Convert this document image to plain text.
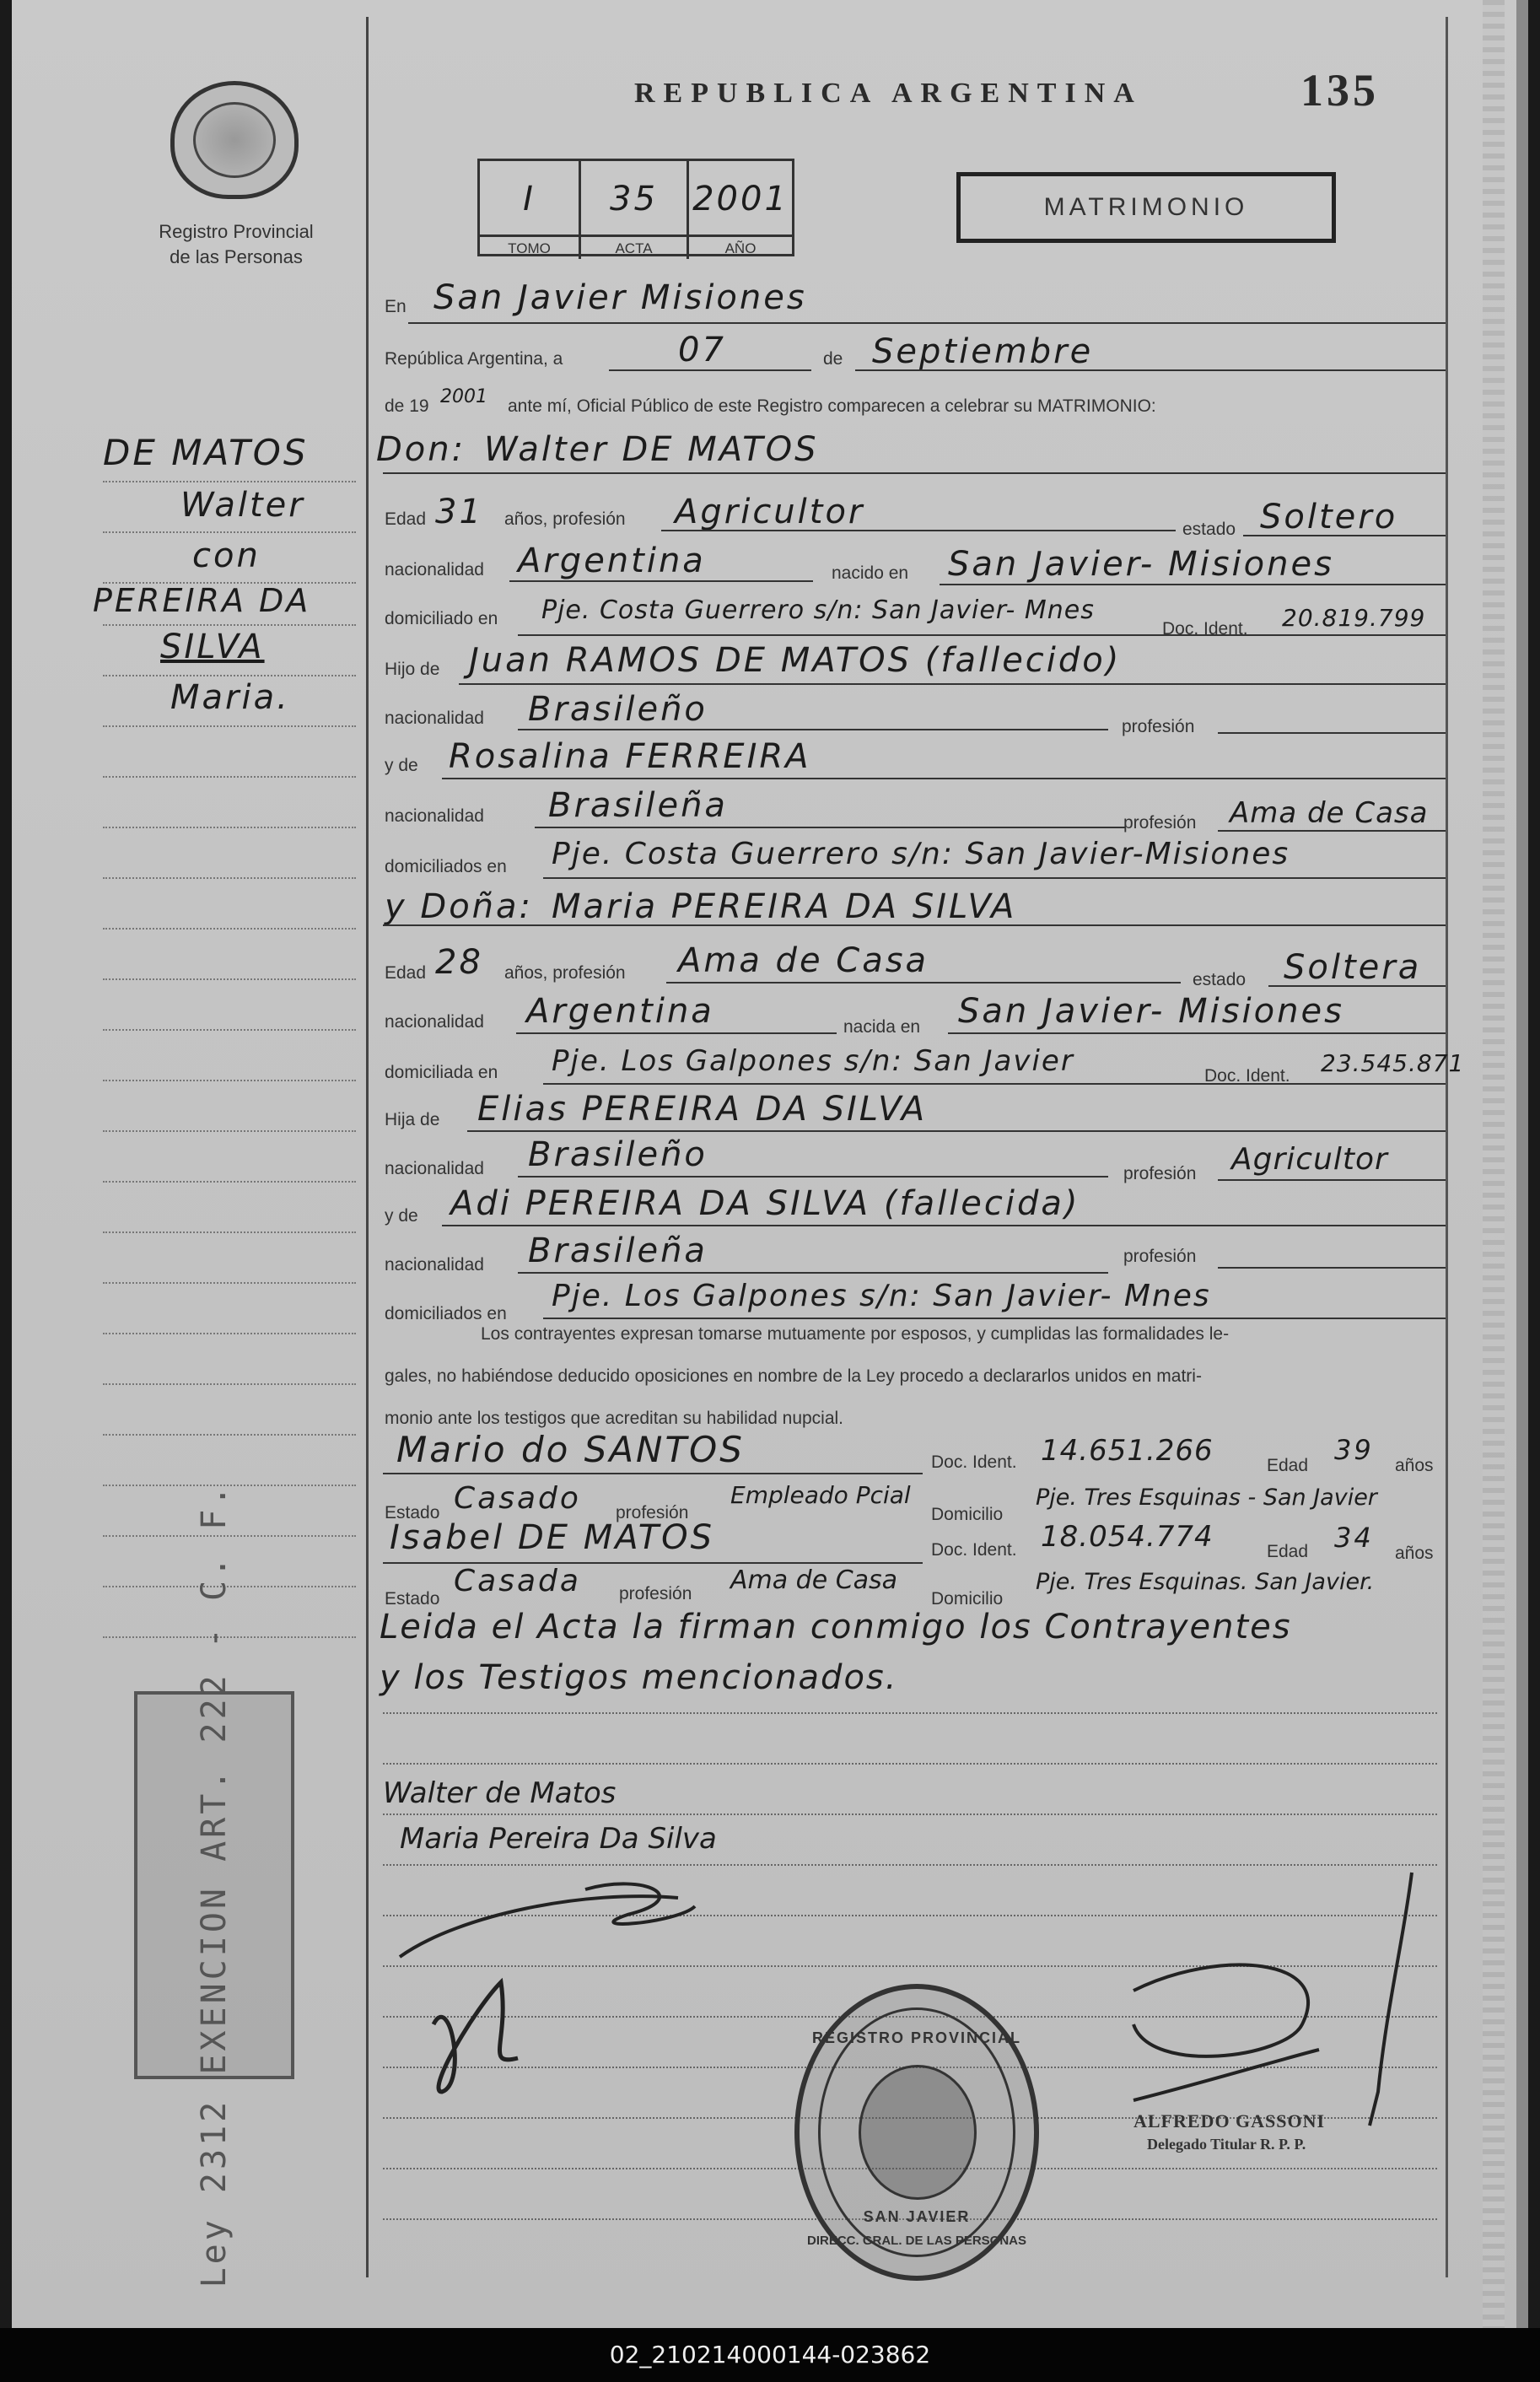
Registro Provincial
de las Personas
REPUBLICA ARGENTINA	135
I
TOMO
35
ACTA
2001
AÑO
MATRIMONIO
DE MATOS
Walter
con
PEREIRA DA
SILVA
Maria.
En San Javier Misiones
República Argentina, a	07	de Septiembre
de 19 2001 ante mí, Oficial Público de este Registro comparecen a celebrar su MATRIMONIO:
Don: Walter DE MATOS
Edad 31 años, profesión Agricultor	estado Soltero
nacionalidad Argentina	nacido en San Javier- Misiones
domiciliado en Pje. Costa Guerrero s/n: San Javier- Mnes
Doc. Ident. 20.819.799
Hijo de Juan RAMOS DE MATOS (fallecido)
nacionalidad Brasileño	profesión
y de Rosalina FERREIRA
nacionalidad Brasileña	profesión Ama de Casa
domiciliados en Pje. Costa Guerrero s/n: San Javier-Misiones
y Doña: Maria PEREIRA DA SILVA
Edad 28 años, profesión Ama de Casa	estado Soltera
nacionalidad Argentina	nacida en San Javier- Misiones
domiciliada en Pje. Los Galpones s/n: San Javier	Doc. Ident. 23.545.871
Hija de Elias PEREIRA DA SILVA
nacionalidad Brasileño	profesión Agricultor
y de Adi PEREIRA DA SILVA (fallecida)
nacionalidad Brasileña	profesión
domiciliados en
Pje. Los Galpones s/n: San Javier- Mnes
Los contrayentes expresan tomarse mutuamente por esposos, y cumplidas las formalidades le-
gales, no habiéndose deducido oposiciones en nombre de la Ley procedo a declararlos unidos en matri-
monio ante los testigos que acreditan su habilidad nupcial.
Mario do SANTOS	Doc. Ident. 14.651.266	Edad 39 años
Estado Casado profesión
Empleado Pcial
Domicilio
Pje. Tres Esquinas - San Javier
Isabel DE MATOS	Doc. Ident. 18.054.774	Edad 34 años
Estado
Casada profesión Ama de Casa
Domicilio
Pje. Tres Esquinas. San Javier.
Leida el Acta la firman conmigo los Contrayentes
y los Testigos mencionados.
Walter de Matos
Maria Pereira Da Silva
ALFREDO GASSONI
Delegado Titular R. P. P.
Ley 2312 EXENCION ART. 222 - C. F.	REGISTRO PROVINCIAL
SAN JAVIER
DIRECC. GRAL. DE LAS PERSONAS
02_210214000144-023862
